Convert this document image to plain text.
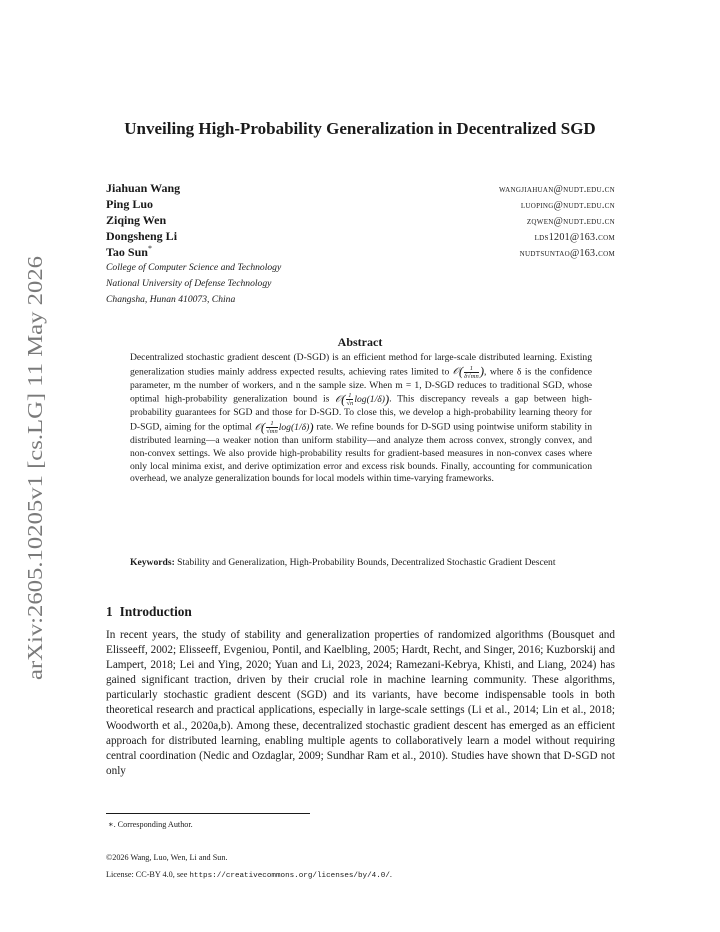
arXiv:2605.10205v1 [cs.LG] 11 May 2026
Unveiling High-Probability Generalization in Decentralized SGD
Jiahuan Wang	wangjiahuan@nudt.edu.cn
Ping Luo	luoping@nudt.edu.cn
Ziqing Wen	zqwen@nudt.edu.cn
Dongsheng Li	lds1201@163.com
Tao Sun*	nudtsuntao@163.com
College of Computer Science and Technology
National University of Defense Technology
Changsha, Hunan 410073, China
Abstract
Decentralized stochastic gradient descent (D-SGD) is an efficient method for large-scale distributed learning. Existing generalization studies mainly address expected results, achieving rates limited to 𝒪( $\frac{1}{\delta√mn}$ ), where δ is the confidence parameter, m the number of workers, and n the sample size. When m = 1, D-SGD reduces to traditional SGD, whose optimal high-probability generalization bound is 𝒪( $\frac{1}{√n} \log(1/\delta)$). This discrepancy reveals a gap between high-probability guarantees for SGD and those for D-SGD. To close this, we develop a high-probability learning theory for D-SGD, aiming for the optimal 𝒪( $\frac{1}{√mn} \log(1/\delta)$) rate. We refine bounds for D-SGD using pointwise uniform stability in distributed learning—a weaker notion than uniform stability—and analyze them across convex, strongly convex, and non-convex settings. We also provide high-probability results for gradient-based measures in non-convex cases where only local minima exist, and derive optimization error and excess risk bounds. Finally, accounting for communication overhead, we analyze generalization bounds for local models within time-varying frameworks.
Keywords: Stability and Generalization, High-Probability Bounds, Decentralized Stochastic Gradient Descent
1 Introduction
In recent years, the study of stability and generalization properties of randomized algorithms (Bousquet and Elisseeff, 2002; Elisseeff, Evgeniou, Pontil, and Kaelbling, 2005; Hardt, Recht, and Singer, 2016; Kuzborskij and Lampert, 2018; Lei and Ying, 2020; Yuan and Li, 2023, 2024; Ramezani-Kebrya, Khisti, and Liang, 2024) has gained significant traction, driven by their crucial role in machine learning community. These algorithms, particularly stochastic gradient descent (SGD) and its variants, have become indispensable tools in both theoretical research and practical applications, especially in large-scale settings (Li et al., 2014; Lin et al., 2018; Woodworth et al., 2020a,b). Among these, decentralized stochastic gradient descent has emerged as an efficient approach for distributed learning, enabling multiple agents to collaboratively learn a model without requiring central coordination (Nedic and Ozdaglar, 2009; Sundhar Ram et al., 2010). Studies have shown that D-SGD not only
∗. Corresponding Author.
©2026 Wang, Luo, Wen, Li and Sun.
License: CC-BY 4.0, see https://creativecommons.org/licenses/by/4.0/.
